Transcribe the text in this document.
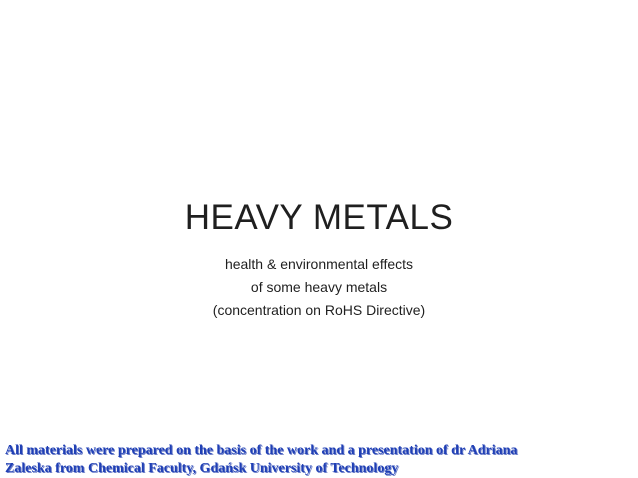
HEAVY METALS
health & environmental effects
of some heavy metals
(concentration on RoHS Directive)
All materials were prepared on the basis of the work and a presentation of dr Adriana
Zaleska from Chemical Faculty, Gdańsk University of Technology
